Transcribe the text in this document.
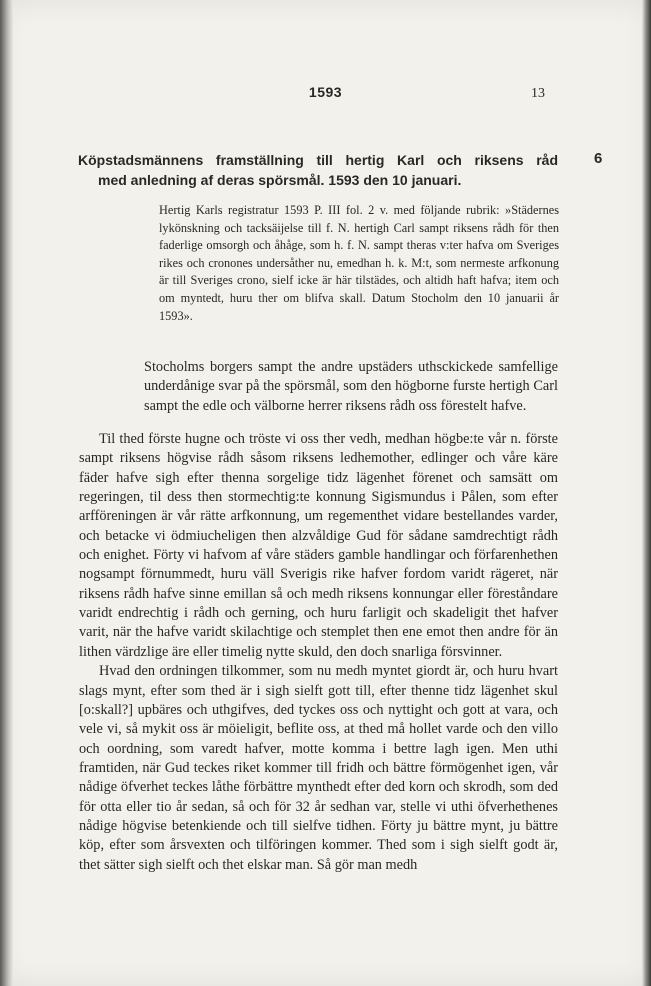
1593	13
Köpstadsmännens framställning till hertig Karl och riksens råd
med anledning af deras spörsmål. 1593 den 10 januari.
6
Hertig Karls registratur 1593 P. III fol. 2 v. med följande rubrik: »Städernes lykönskning och tacksäijelse till f. N. hertigh Carl sampt riksens rådh för then faderlige omsorgh och åhåge, som h. f. N. sampt theras v:ter hafva om Sveriges rikes och cronones undersåther nu, emedhan h. k. M:t, som nermeste arfkonung är till Sveriges crono, sielf icke är här tilstädes, och altidh haft hafva; item och om myntedt, huru ther om blifva skall. Datum Stocholm den 10 januarii år 1593».

Stocholms borgers sampt the andre upstäders uthsckickede samfellige underdånige svar på the spörsmål, som den högborne furste hertigh Carl sampt the edle och välborne herrer riksens rådh oss förestelt hafve.

Til thed förste hugne och tröste vi oss ther vedh, medhan högbe:te vår n. förste sampt riksens högvise rådh såsom riksens ledhemother, edlinger och våre käre fäder hafve sigh efter thenna sorgelige tidz lägenhet förenet och samsätt om regeringen, til dess then stormechtig:te konnung Sigismundus i Pålen, som efter arfföreningen är vår rätte arfkonnung, um regementhet vidare bestellandes varder, och betacke vi ödmiucheligen then alzvåldige Gud för sådane samdrechtigt rådh och enighet. Förty vi hafvom af våre städers gamble handlingar och förfarenhethen nogsampt förnummedt, huru väll Sverigis rike hafver fordom varidt rägeret, när riksens rådh hafve sinne emillan så och medh riksens konnungar eller föreståndare varidt endrechtig i rådh och gerning, och huru farligit och skadeligit thet hafver varit, när the hafve varidt skilachtige och stemplet then ene emot then andre för än lithen värdzlige äre eller timelig nytte skuld, den doch snarliga försvinner.

Hvad den ordningen tilkommer, som nu medh myntet giordt är, och huru hvart slags mynt, efter som thed är i sigh sielft gott till, efter thenne tidz lägenhet skul [o:skall?] upbäres och uthgifves, ded tyckes oss och nyttight och gott at vara, och vele vi, så mykit oss är möieligit, beflite oss, at thed må hollet varde och den villo och oordning, som varedt hafver, motte komma i bettre lagh igen. Men uthi framtiden, när Gud teckes riket kommer till fridh och bättre förmögenhet igen, vår nådige öfverhet teckes låthe förbättre mynthedt efter ded korn och skrodh, som ded för otta eller tio år sedan, så och för 32 år sedhan var, stelle vi uthi öfverhethenes nådige högvise betenkiende och till sielfve tidhen. Förty ju bättre mynt, ju bättre köp, efter som årsvexten och tilföringen kommer. Thed som i sigh sielft godt är, thet sätter sigh sielft och thet elskar man. Så gör man medh
